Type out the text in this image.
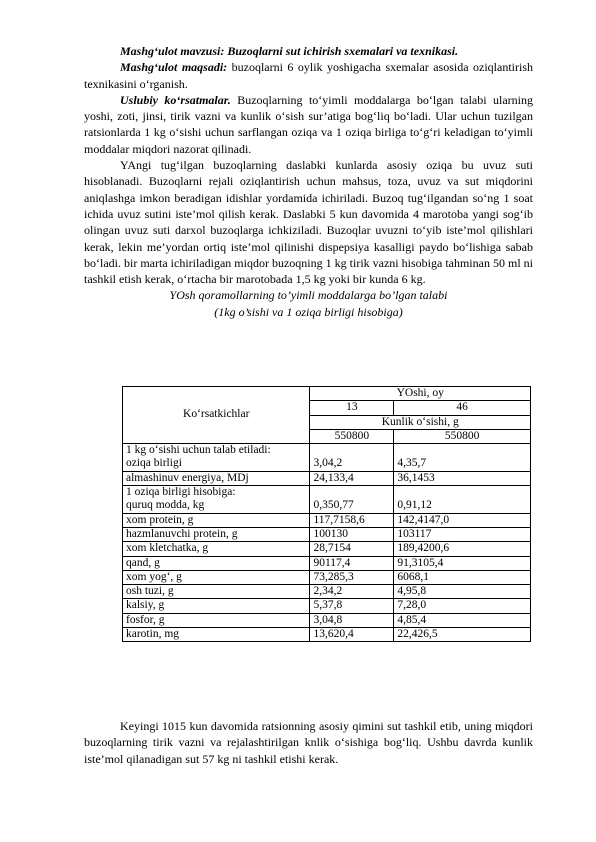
Mashg‘ulot mavzusi: Buzoqlarni sut ichirish sxemalari va texnikasi.

Mashg‘ulot maqsadi: buzoqlarni 6 oylik yoshigacha sxemalar asosida oziqlantirish texnikasini o‘rganish.

Uslubiy ko‘rsatmalar. Buzoqlarning to‘yimli moddalarga bo‘lgan talabi ularning yoshi, zoti, jinsi, tirik vazni va kunlik o‘sish sur’atiga bog‘liq bo‘ladi. Ular uchun tuzilgan ratsionlarda 1 kg o‘sishi uchun sarflangan oziqa va 1 oziqa birliga to‘g‘ri keladigan to‘yimli moddalar miqdori nazorat qilinadi.

YAngi tug‘ilgan buzoqlarning daslabki kunlarda asosiy oziqa bu uvuz suti hisoblanadi. Buzoqlarni rejali oziqlantirish uchun mahsus, toza, uvuz va sut miqdorini aniqlashga imkon beradigan idishlar yordamida ichiriladi. Buzoq tug‘ilgandan so‘ng 1 soat ichida uvuz sutini iste’mol qilish kerak. Daslabki 5 kun davomida 4 marotoba yangi sog‘ib olingan uvuz suti darxol buzoqlarga ichkiziladi. Buzoqlar uvuzni to‘yib iste’mol qilishlari kerak, lekin me’yordan ortiq iste’mol qilinishi dispepsiya kasalligi paydo bo‘lishiga sabab bo‘ladi. bir marta ichiriladigan miqdor buzoqning 1 kg tirik vazni hisobiga tahminan 50 ml ni tashkil etish kerak, o‘rtacha bir marotobada 1,5 kg yoki bir kunda 6 kg.

YOsh qoramollarning to’yimli moddalarga bo’lgan talabi

(1kg o’sishi va 1 oziqa birligi hisobiga)

Ko‘rsatkichlar	YOshi, oy	
	13	46
	Kunlik o‘sishi, g	
	550800	550800
1 kg o‘sishi uchun talab etiladi:
oziqa birligi	3,04,2	4,35,7
almashinuv energiya, MDj	24,133,4	36,1453
1 oziqa birligi hisobiga:
quruq modda, kg	0,350,77	0,91,12
xom protein, g	117,7158,6	142,4147,0
hazmlanuvchi protein, g	100130	103117
xom kletchatka, g	28,7154	189,4200,6
qand, g	90117,4	91,3105,4
xom yog‘, g	73,285,3	6068,1
osh tuzi, g	2,34,2	4,95,8
kalsiy, g	5,37,8	7,28,0
fosfor, g	3,04,8	4,85,4
karotin, mg	13,620,4	22,426,5

Keyingi 1015 kun davomida ratsionning asosiy qimini sut tashkil etib, uning miqdori buzoqlarning tirik vazni va rejalashtirilgan knlik o‘sishiga bog‘liq. Ushbu davrda kunlik iste’mol qilanadigan sut 57 kg ni tashkil etishi kerak.
